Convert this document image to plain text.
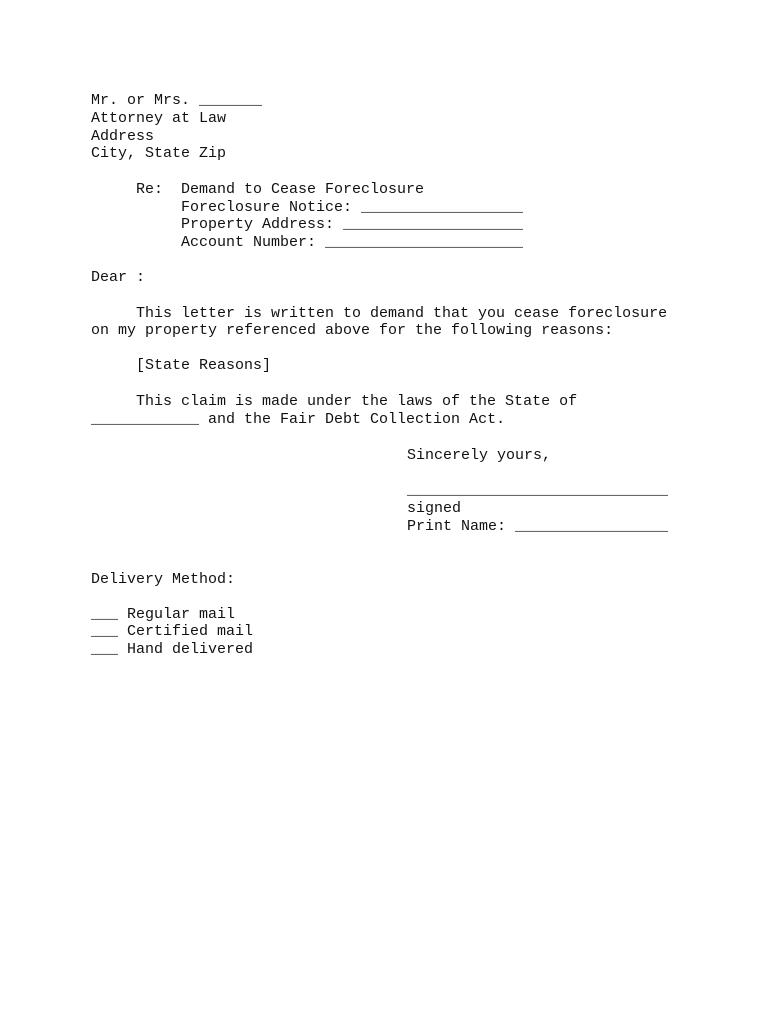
Mr. or Mrs. _______
Attorney at Law
Address
City, State Zip
Re: Demand to Cease Foreclosure
Foreclosure Notice: __________________
Property Address: ____________________
Account Number: ______________________
Dear :
This letter is written to demand that you cease foreclosure
on my property referenced above for the following reasons:
[State Reasons]
This claim is made under the laws of the State of
____________ and the Fair Debt Collection Act.
Sincerely yours,
_____________________________
signed
Print Name: _________________
Delivery Method:
___ Regular mail
___ Certified mail
___ Hand delivered
